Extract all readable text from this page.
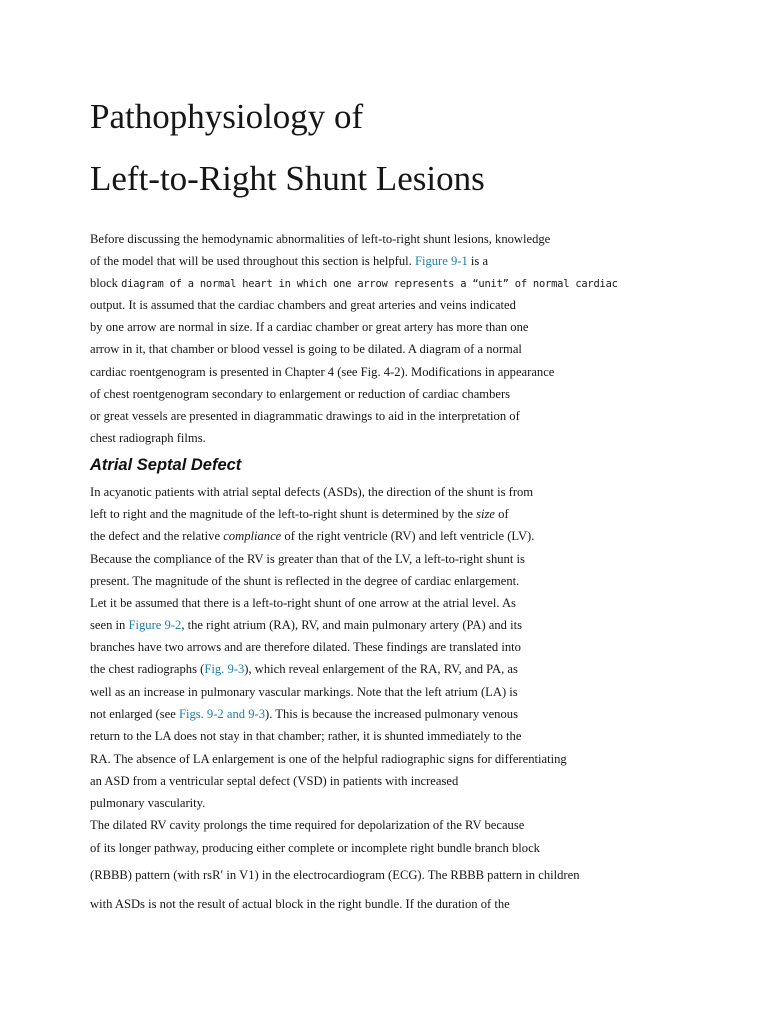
Pathophysiology of
Left-to-Right Shunt Lesions
Before discussing the hemodynamic abnormalities of left-to-right shunt lesions, knowledge
of the model that will be used throughout this section is helpful. Figure 9-1 is a
block diagram of a normal heart in which one arrow represents a “unit” of normal cardiac
output. It is assumed that the cardiac chambers and great arteries and veins indicated
by one arrow are normal in size. If a cardiac chamber or great artery has more than one
arrow in it, that chamber or blood vessel is going to be dilated. A diagram of a normal
cardiac roentgenogram is presented in Chapter 4 (see Fig. 4-2). Modifications in appearance
of chest roentgenogram secondary to enlargement or reduction of cardiac chambers
or great vessels are presented in diagrammatic drawings to aid in the interpretation of
chest radiograph films.
Atrial Septal Defect
In acyanotic patients with atrial septal defects (ASDs), the direction of the shunt is from
left to right and the magnitude of the left-to-right shunt is determined by the size of
the defect and the relative compliance of the right ventricle (RV) and left ventricle (LV).
Because the compliance of the RV is greater than that of the LV, a left-to-right shunt is
present. The magnitude of the shunt is reflected in the degree of cardiac enlargement.
Let it be assumed that there is a left-to-right shunt of one arrow at the atrial level. As
seen in Figure 9-2, the right atrium (RA), RV, and main pulmonary artery (PA) and its
branches have two arrows and are therefore dilated. These findings are translated into
the chest radiographs (Fig. 9-3), which reveal enlargement of the RA, RV, and PA, as
well as an increase in pulmonary vascular markings. Note that the left atrium (LA) is
not enlarged (see Figs. 9-2 and 9-3). This is because the increased pulmonary venous
return to the LA does not stay in that chamber; rather, it is shunted immediately to the
RA. The absence of LA enlargement is one of the helpful radiographic signs for differentiating
an ASD from a ventricular septal defect (VSD) in patients with increased
pulmonary vascularity.
The dilated RV cavity prolongs the time required for depolarization of the RV because
of its longer pathway, producing either complete or incomplete right bundle branch block
(RBBB) pattern (with rsR′ in V1) in the electrocardiogram (ECG). The RBBB pattern in children
with ASDs is not the result of actual block in the right bundle. If the duration of the
